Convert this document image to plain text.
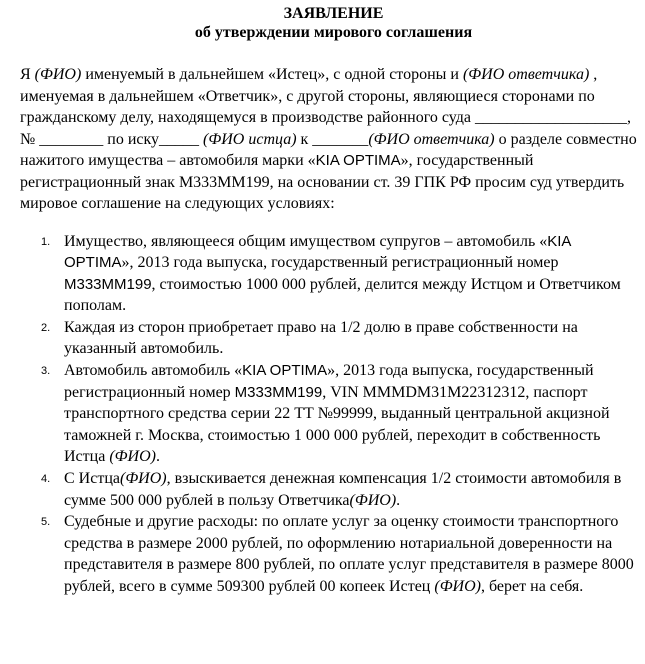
ЗАЯВЛЕНИЕ

об утверждении мирового соглашения

Я (ФИО) именуемый в дальнейшем «Истец», с одной стороны и (ФИО ответчика) , именуемая в дальнейшем «Ответчик», с другой стороны, являющиеся сторонами по гражданскому делу, находящемуся в производстве районного суда ___________________, № ________ по иску_____ (ФИО истца) к _______(ФИО ответчика) о разделе совместно нажитого имущества – автомобиля марки «KIA OPTIMA», государственный регистрационный знак М333ММ199, на основании ст. 39 ГПК РФ просим суд утвердить мировое соглашение на следующих условиях:

1. Имущество, являющееся общим имуществом супругов – автомобиль «KIA OPTIMA», 2013 года выпуска, государственный регистрационный номер М333ММ199, стоимостью 1000 000 рублей, делится между Истцом и Ответчиком пополам.
2. Каждая из сторон приобретает право на 1/2 долю в праве собственности на указанный автомобиль.
3. Автомобиль автомобиль «KIA OPTIMA», 2013 года выпуска, государственный регистрационный номер М333ММ199, VIN MMMDM31M22312312, паспорт транспортного средства серии 22 ТТ №99999, выданный центральной акцизной таможней г. Москва, стоимостью 1 000 000 рублей, переходит в собственность Истца (ФИО).
4. С Истца(ФИО), взыскивается денежная компенсация 1/2 стоимости автомобиля в сумме 500 000 рублей в пользу Ответчика(ФИО).
5. Судебные и другие расходы: по оплате услуг за оценку стоимости транспортного средства в размере 2000 рублей, по оформлению нотариальной доверенности на представителя в размере 800 рублей, по оплате услуг представителя в размере 8000 рублей, всего в сумме 509300 рублей 00 копеек Истец (ФИО), берет на себя.
